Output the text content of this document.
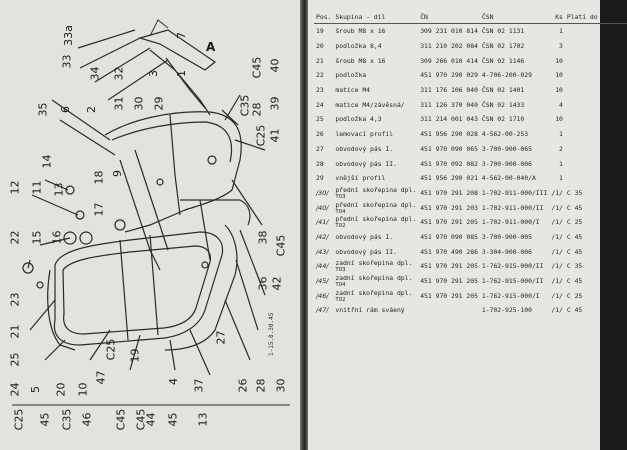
A
33a
33
34 32 3 1
7
C45 40
35 6 2	30 29
31	C35 28 39
C25 41
38 C45
36 42
14
12 11
18
17
13
9
16
15
22
23
21
25
24 5 20 10
47
C25 19
4 37
27
26 28 30
C25 45 C35 46 C45 44 45 13
C45
1-15.8.30.45
Pos.	Skupina - díl	ČN	ČSN	Ks	Platí do opravy
19	šroub M8 x 16	309 231 010 814	ČSN 02 1131	1	
20	podložka 8,4	311 210 202 084	ČSN 02 1702	3	
21	šroub M8 x 16	309 266 010 414	ČSN 02 1146	10	
22	podložka	451 970 290 029	4-706-200-029	10	
23	matice M4	311 176 106 040	ČSN 02 1401	10	
24	matice M4/závěsná/	311 126 370 040	ČSN 02 1433	4	
25	podložka 4,3	311 214 001 043	ČSN 02 1710	10	
26	lemovací profil	451 956 290 028	4-562-00-253	1	
27	obvodový pás I.	451 970 090 065	3-700-900-065	2	
28	obvodový pás II.	451 970 092 082	3-700-900-006	1	
29	vnější profil	451 956 290 021	4-562-00-040/A	1	
/30/	přední skořepina dpl.
TO3	451 970 291 208	1-702-911-000/III	/1/	C 35
/40/	přední skořepina dpl.
TO4	451 970 291 203	1-702-911-000/II	/1/	C 45
/41/	přední skořepina dpl.
TO2	451 970 291 205	1-702-911-000/I	/1/	C 25
/42/	obvodový pás I.	451 970 090 085	3-700-900-005	/1/	C 45
/43/	obvodový pás II.	451 970 490 286	3-304-900-006	/1/	C 45
/44/	zadní skořepina dpl.
TO3	451 970 291 205	1-762-915-000/II	/1/	C 35
/45/	zadní skořepina dpl.
TO4	451 970 291 205	1-762-915-000/II	/1/	C 45
/46/	zadní skořepina dpl.
TO2	451 970 291 205	1-762-915-000/I	/1/	C 25
/47/	vnitřní rám sváený		1-702-925-100	/1/	C 45
